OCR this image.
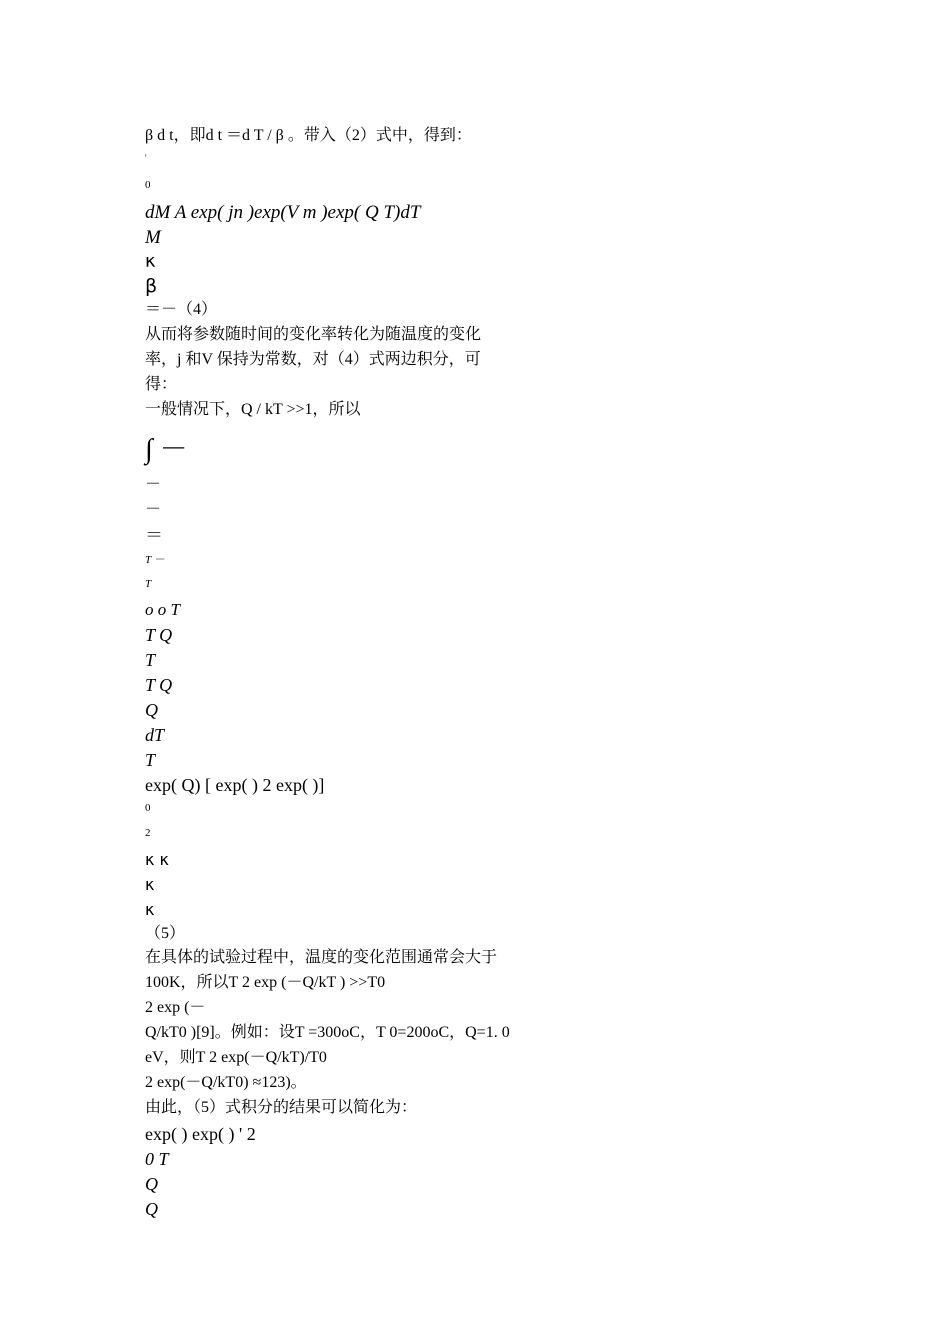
β d t，即d t ＝d T / β 。带入（2）式中，得到：
'
0
dM A exp( jn )exp(V m )exp( Q T)dT
M
κ
β
＝－（4）
从而将参数随时间的变化率转化为随温度的变化
率，j 和V 保持为常数，对（4）式两边积分，可
得：
一般情况下，Q / kT >>1，所以
∫ －
－
－
＝
T －
T
o o T
T Q
T
T Q
Q
dT
T
exp( Q) [ exp( ) 2 exp( )]
0
2
κ κ
κ
κ
（5）
在具体的试验过程中，温度的变化范围通常会大于
100K，所以T 2 exp (－Q/kT ) >>T0
2 exp (－
Q/kT0 )[9]。例如：设T =300oC，T 0=200oC，Q=1. 0
eV，则T 2 exp(－Q/kT)/T0
2 exp(－Q/kT0) ≈123)。
由此，（5）式积分的结果可以简化为：
exp( ) exp( ) ' 2
0 T
Q
Q
